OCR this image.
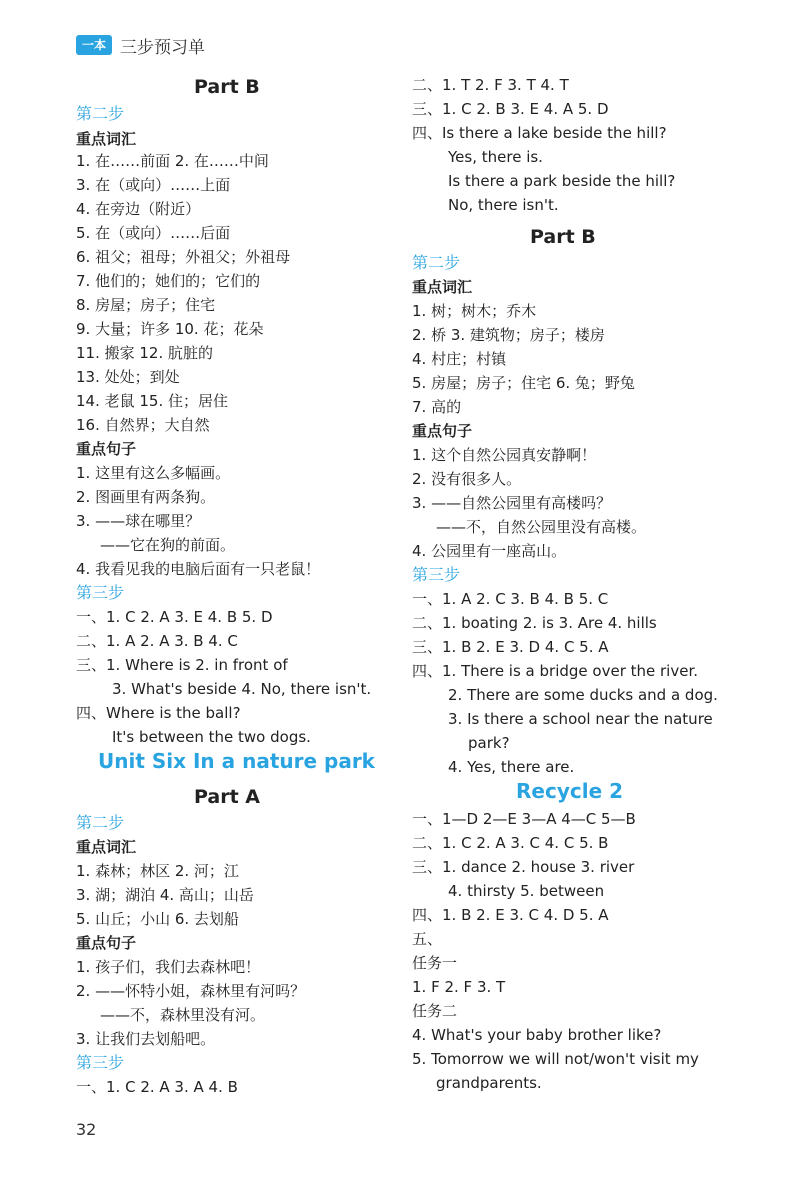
一本 三步预习单
Part B
第二步
重点词汇
1. 在……前面 2. 在……中间
3. 在（或向）……上面
4. 在旁边（附近）
5. 在（或向）……后面
6. 祖父；祖母；外祖父；外祖母
7. 他们的；她们的；它们的
8. 房屋；房子；住宅
9. 大量；许多 10. 花；花朵
11. 搬家 12. 肮脏的
13. 处处；到处
14. 老鼠 15. 住；居住
16. 自然界；大自然
重点句子
1. 这里有这么多幅画。
2. 图画里有两条狗。
3. ——球在哪里？
——它在狗的前面。
4. 我看见我的电脑后面有一只老鼠！
第三步
一、1. C 2. A 3. E 4. B 5. D
二、1. A 2. A 3. B 4. C
三、1. Where is 2. in front of
3. What's beside 4. No, there isn't.
四、Where is the ball?
It's between the two dogs.
Unit Six In a nature park
Part A
第二步
重点词汇
1. 森林；林区 2. 河；江
3. 湖；湖泊 4. 高山；山岳
5. 山丘；小山 6. 去划船
重点句子
1. 孩子们，我们去森林吧！
2. ——怀特小姐，森林里有河吗？
——不，森林里没有河。
3. 让我们去划船吧。
第三步
一、1. C 2. A 3. A 4. B
二、1. T 2. F 3. T 4. T
三、1. C 2. B 3. E 4. A 5. D
四、Is there a lake beside the hill?
Yes, there is.
Is there a park beside the hill?
No, there isn't.
Part B
第二步
重点词汇
1. 树；树木；乔木
2. 桥 3. 建筑物；房子；楼房
4. 村庄；村镇
5. 房屋；房子；住宅 6. 兔；野兔
7. 高的
重点句子
1. 这个自然公园真安静啊！
2. 没有很多人。
3. ——自然公园里有高楼吗？
——不，自然公园里没有高楼。
4. 公园里有一座高山。
第三步
一、1. A 2. C 3. B 4. B 5. C
二、1. boating 2. is 3. Are 4. hills
三、1. B 2. E 3. D 4. C 5. A
四、1. There is a bridge over the river.
2. There are some ducks and a dog.
3. Is there a school near the nature
park?
4. Yes, there are.
Recycle 2
一、1—D 2—E 3—A 4—C 5—B
二、1. C 2. A 3. C 4. C 5. B
三、1. dance 2. house 3. river
4. thirsty 5. between
四、1. B 2. E 3. C 4. D 5. A
五、
任务一
1. F 2. F 3. T
任务二
4. What's your baby brother like?
5. Tomorrow we will not/won't visit my
grandparents.
32
